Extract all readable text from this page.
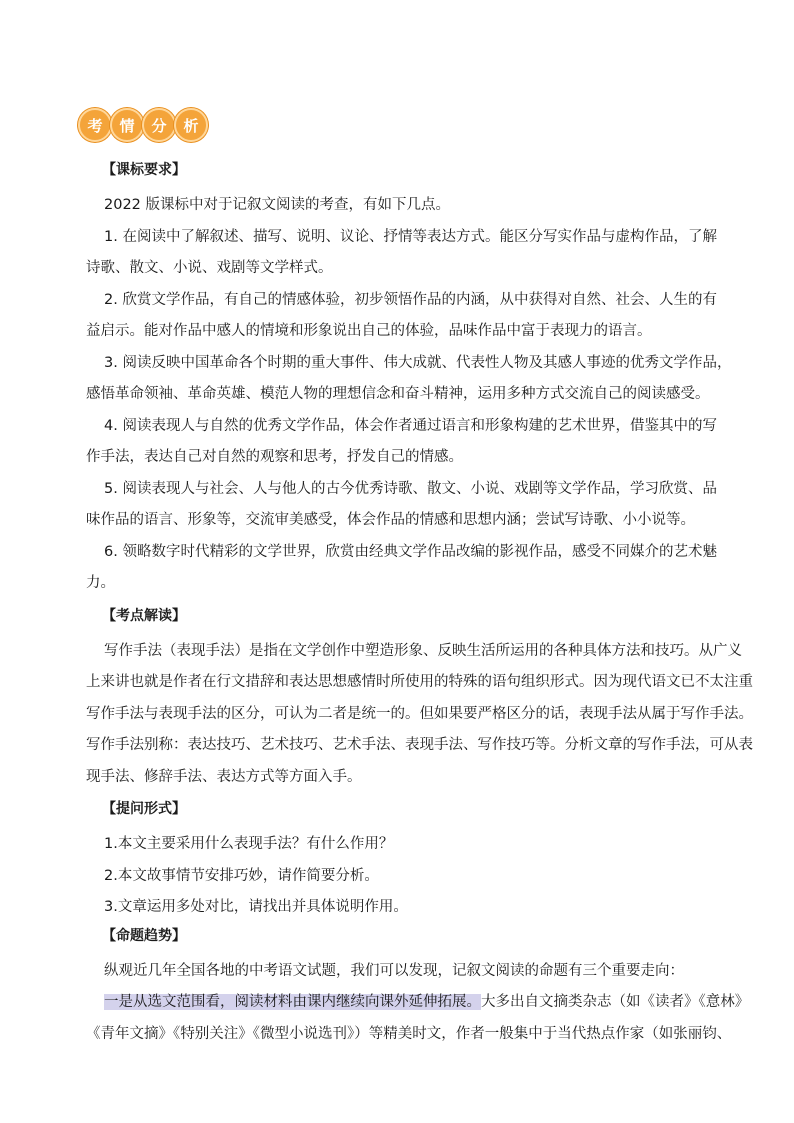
考	情	分	析
【课标要求】
2022 版课标中对于记叙文阅读的考查，有如下几点。
1. 在阅读中了解叙述、描写、说明、议论、抒情等表达方式。能区分写实作品与虚构作品，了解
诗歌、散文、小说、戏剧等文学样式。
2. 欣赏文学作品，有自己的情感体验，初步领悟作品的内涵，从中获得对自然、社会、人生的有
益启示。能对作品中感人的情境和形象说出自己的体验，品味作品中富于表现力的语言。
3. 阅读反映中国革命各个时期的重大事件、伟大成就、代表性人物及其感人事迹的优秀文学作品，
感悟革命领袖、革命英雄、模范人物的理想信念和奋斗精神，运用多种方式交流自己的阅读感受。
4. 阅读表现人与自然的优秀文学作品，体会作者通过语言和形象构建的艺术世界，借鉴其中的写
作手法，表达自己对自然的观察和思考，抒发自己的情感。
5. 阅读表现人与社会、人与他人的古今优秀诗歌、散文、小说、戏剧等文学作品，学习欣赏、品
味作品的语言、形象等，交流审美感受，体会作品的情感和思想内涵；尝试写诗歌、小小说等。
6. 领略数字时代精彩的文学世界，欣赏由经典文学作品改编的影视作品，感受不同媒介的艺术魅
力。
【考点解读】
写作手法（表现手法）是指在文学创作中塑造形象、反映生活所运用的各种具体方法和技巧。从广义
上来讲也就是作者在行文措辞和表达思想感情时所使用的特殊的语句组织形式。因为现代语文已不太注重
写作手法与表现手法的区分，可认为二者是统一的。但如果要严格区分的话，表现手法从属于写作手法。
写作手法别称：表达技巧、艺术技巧、艺术手法、表现手法、写作技巧等。分析文章的写作手法，可从表
现手法、修辞手法、表达方式等方面入手。
【提问形式】
1.本文主要采用什么表现手法？有什么作用？
2.本文故事情节安排巧妙，请作简要分析。
3.文章运用多处对比，请找出并具体说明作用。
【命题趋势】
纵观近几年全国各地的中考语文试题，我们可以发现，记叙文阅读的命题有三个重要走向：
一是从选文范围看，阅读材料由课内继续向课外延伸拓展。大多出自文摘类杂志（如《读者》《意林》
《青年文摘》《特别关注》《微型小说选刊》）等精美时文，作者一般集中于当代热点作家（如张丽钧、
